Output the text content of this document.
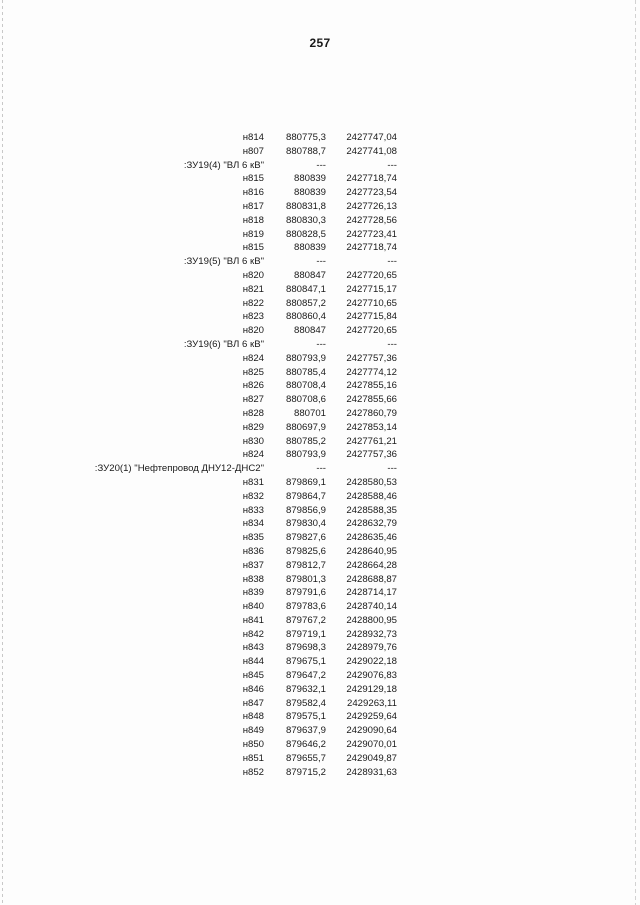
257
н814	880775,3	2427747,04
н807	880788,7	2427741,08
:ЗУ19(4) "ВЛ 6 кВ"	---	---
н815	880839	2427718,74
н816	880839	2427723,54
н817	880831,8	2427726,13
н818	880830,3	2427728,56
н819	880828,5	2427723,41
н815	880839	2427718,74
:ЗУ19(5) "ВЛ 6 кВ"	---	---
н820	880847	2427720,65
н821	880847,1	2427715,17
н822	880857,2	2427710,65
н823	880860,4	2427715,84
н820	880847	2427720,65
:ЗУ19(6) "ВЛ 6 кВ"	---	---
н824	880793,9	2427757,36
н825	880785,4	2427774,12
н826	880708,4	2427855,16
н827	880708,6	2427855,66
н828	880701	2427860,79
н829	880697,9	2427853,14
н830	880785,2	2427761,21
н824	880793,9	2427757,36
:ЗУ20(1) "Нефтепровод ДНУ12-ДНС2"	---	---
н831	879869,1	2428580,53
н832	879864,7	2428588,46
н833	879856,9	2428588,35
н834	879830,4	2428632,79
н835	879827,6	2428635,46
н836	879825,6	2428640,95
н837	879812,7	2428664,28
н838	879801,3	2428688,87
н839	879791,6	2428714,17
н840	879783,6	2428740,14
н841	879767,2	2428800,95
н842	879719,1	2428932,73
н843	879698,3	2428979,76
н844	879675,1	2429022,18
н845	879647,2	2429076,83
н846	879632,1	2429129,18
н847	879582,4	2429263,11
н848	879575,1	2429259,64
н849	879637,9	2429090,64
н850	879646,2	2429070,01
н851	879655,7	2429049,87
н852	879715,2	2428931,63
